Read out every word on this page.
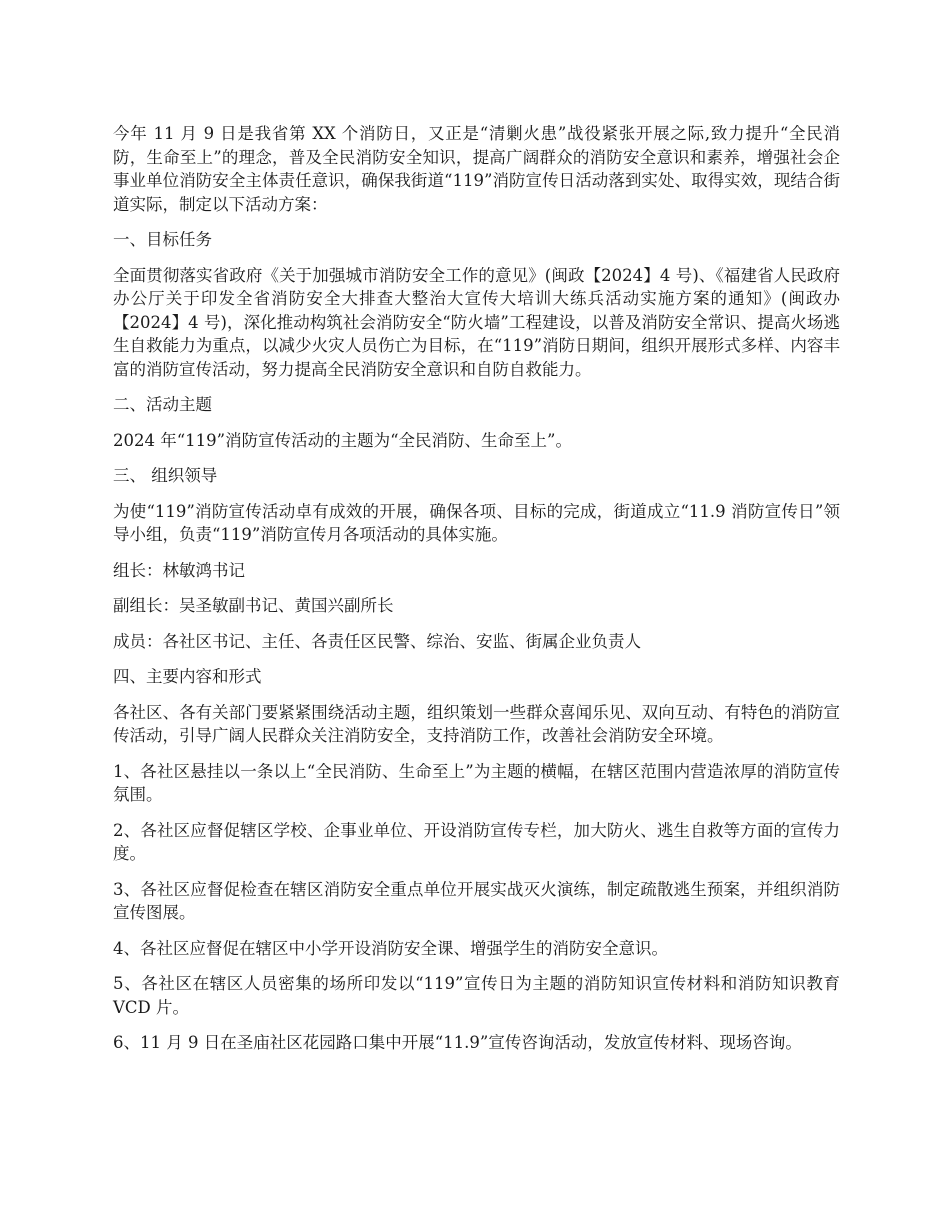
今年 11 月 9 日是我省第 XX 个消防日，又正是“清剿火患”战役紧张开展之际,致力提升“全民消防，生命至上”的理念，普及全民消防安全知识，提高广阔群众的消防安全意识和素养，增强社会企事业单位消防安全主体责任意识，确保我街道“119”消防宣传日活动落到实处、取得实效，现结合街道实际，制定以下活动方案：

一、目标任务

全面贯彻落实省政府《关于加强城市消防安全工作的意见》(闽政【2024】4 号)、《福建省人民政府办公厅关于印发全省消防安全大排查大整治大宣传大培训大练兵活动实施方案的通知》(闽政办【2024】4 号)，深化推动构筑社会消防安全“防火墙”工程建设，以普及消防安全常识、提高火场逃生自救能力为重点，以减少火灾人员伤亡为目标，在“119”消防日期间，组织开展形式多样、内容丰富的消防宣传活动，努力提高全民消防安全意识和自防自救能力。

二、活动主题

2024 年“119”消防宣传活动的主题为“全民消防、生命至上”。

三、 组织领导

为使“119”消防宣传活动卓有成效的开展，确保各项、目标的完成，街道成立“11.9 消防宣传日”领导小组，负责“119”消防宣传月各项活动的具体实施。

组长：林敏鸿书记

副组长：吴圣敏副书记、黄国兴副所长

成员：各社区书记、主任、各责任区民警、综治、安监、街属企业负责人

四、主要内容和形式

各社区、各有关部门要紧紧围绕活动主题，组织策划一些群众喜闻乐见、双向互动、有特色的消防宣传活动，引导广阔人民群众关注消防安全，支持消防工作，改善社会消防安全环境。

1、各社区悬挂以一条以上“全民消防、生命至上”为主题的横幅，在辖区范围内营造浓厚的消防宣传氛围。

2、各社区应督促辖区学校、企事业单位、开设消防宣传专栏，加大防火、逃生自救等方面的宣传力度。

3、各社区应督促检查在辖区消防安全重点单位开展实战灭火演练，制定疏散逃生预案，并组织消防宣传图展。

4、各社区应督促在辖区中小学开设消防安全课、增强学生的消防安全意识。

5、各社区在辖区人员密集的场所印发以“119”宣传日为主题的消防知识宣传材料和消防知识教育 VCD 片。

6、11 月 9 日在圣庙社区花园路口集中开展“11.9”宣传咨询活动，发放宣传材料、现场咨询。
